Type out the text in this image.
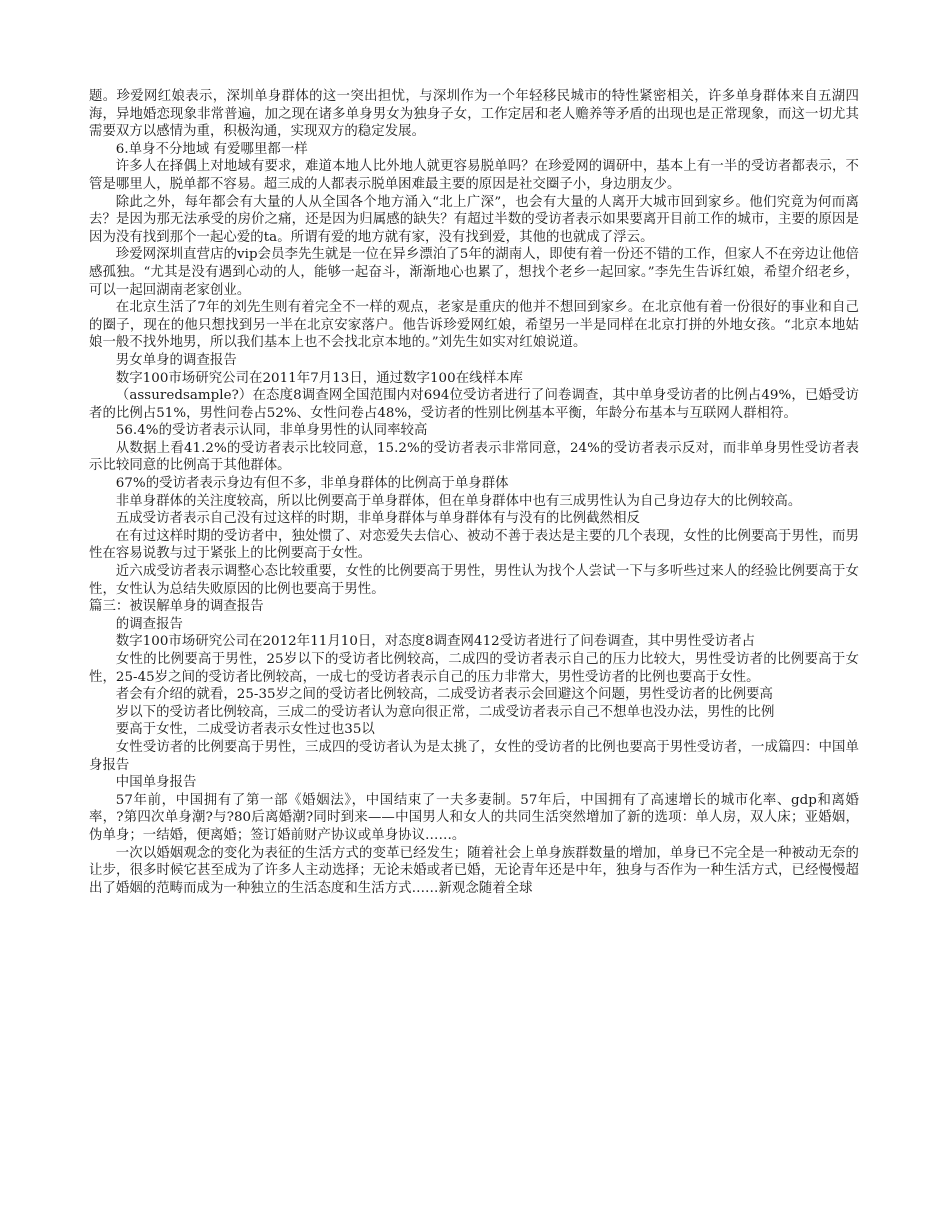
题。珍爱网红娘表示，深圳单身群体的这一突出担忧，与深圳作为一个年轻移民城市的特性紧密相关，许多单身群体来自五湖四海，异地婚恋现象非常普遍，加之现在诸多单身男女为独身子女，工作定居和老人赡养等矛盾的出现也是正常现象，而这一切尤其需要双方以感情为重，积极沟通，实现双方的稳定发展。

6.单身不分地域 有爱哪里都一样

许多人在择偶上对地域有要求，难道本地人比外地人就更容易脱单吗？在珍爱网的调研中，基本上有一半的受访者都表示，不管是哪里人，脱单都不容易。超三成的人都表示脱单困难最主要的原因是社交圈子小，身边朋友少。

除此之外，每年都会有大量的人从全国各个地方涌入“北上广深”，也会有大量的人离开大城市回到家乡。他们究竟为何而离去？是因为那无法承受的房价之痛，还是因为归属感的缺失？有超过半数的受访者表示如果要离开目前工作的城市，主要的原因是因为没有找到那个一起心爱的ta。所谓有爱的地方就有家，没有找到爱，其他的也就成了浮云。

珍爱网深圳直营店的vip会员李先生就是一位在异乡漂泊了5年的湖南人，即使有着一份还不错的工作，但家人不在旁边让他倍感孤独。“尤其是没有遇到心动的人，能够一起奋斗，渐渐地心也累了，想找个老乡一起回家。”李先生告诉红娘，希望介绍老乡，可以一起回湖南老家创业。

在北京生活了7年的刘先生则有着完全不一样的观点，老家是重庆的他并不想回到家乡。在北京他有着一份很好的事业和自己的圈子，现在的他只想找到另一半在北京安家落户。他告诉珍爱网红娘，希望另一半是同样在北京打拼的外地女孩。“北京本地姑娘一般不找外地男，所以我们基本上也不会找北京本地的。”刘先生如实对红娘说道。

男女单身的调查报告

数字100市场研究公司在2011年7月13日，通过数字100在线样本库

（assuredsample?）在态度8调查网全国范围内对694位受访者进行了问卷调查，其中单身受访者的比例占49%，已婚受访者的比例占51%，男性问卷占52%、女性问卷占48%，受访者的性别比例基本平衡，年龄分布基本与互联网人群相符。

56.4%的受访者表示认同，非单身男性的认同率较高

从数据上看41.2%的受访者表示比较同意，15.2%的受访者表示非常同意，24%的受访者表示反对，而非单身男性受访者表示比较同意的比例高于其他群体。

67%的受访者表示身边有但不多，非单身群体的比例高于单身群体

非单身群体的关注度较高，所以比例要高于单身群体，但在单身群体中也有三成男性认为自己身边存大的比例较高。

五成受访者表示自己没有过这样的时期，非单身群体与单身群体有与没有的比例截然相反

在有过这样时期的受访者中，独处惯了、对恋爱失去信心、被动不善于表达是主要的几个表现，女性的比例要高于男性，而男性在容易说教与过于紧张上的比例要高于女性。

近六成受访者表示调整心态比较重要，女性的比例要高于男性，男性认为找个人尝试一下与多听些过来人的经验比例要高于女性，女性认为总结失败原因的比例也要高于男性。

篇三：被误解单身的调查报告

的调查报告

数字100市场研究公司在2012年11月10日，对态度8调查网412受访者进行了问卷调查，其中男性受访者占

女性的比例要高于男性，25岁以下的受访者比例较高，二成四的受访者表示自己的压力比较大，男性受访者的比例要高于女性，25-45岁之间的受访者比例较高，一成七的受访者表示自己的压力非常大，男性受访者的比例也要高于女性。

者会有介绍的就看，25-35岁之间的受访者比例较高，二成受访者表示会回避这个问题，男性受访者的比例要高

岁以下的受访者比例较高，三成二的受访者认为意向很正常，二成受访者表示自己不想单也没办法，男性的比例

要高于女性，二成受访者表示女性过也35以

女性受访者的比例要高于男性，三成四的受访者认为是太挑了，女性的受访者的比例也要高于男性受访者，一成篇四：中国单身报告

中国单身报告

57年前，中国拥有了第一部《婚姻法》，中国结束了一夫多妻制。57年后，中国拥有了高速增长的城市化率、gdp和离婚率，?第四次单身潮?与?80后离婚潮?同时到来——中国男人和女人的共同生活突然增加了新的选项：单人房，双人床；亚婚姻，伪单身；一结婚，便离婚；签订婚前财产协议或单身协议……。

一次以婚姻观念的变化为表征的生活方式的变革已经发生；随着社会上单身族群数量的增加，单身已不完全是一种被动无奈的让步，很多时候它甚至成为了许多人主动选择；无论未婚或者已婚，无论青年还是中年，独身与否作为一种生活方式，已经慢慢超出了婚姻的范畴而成为一种独立的生活态度和生活方式……新观念随着全球
